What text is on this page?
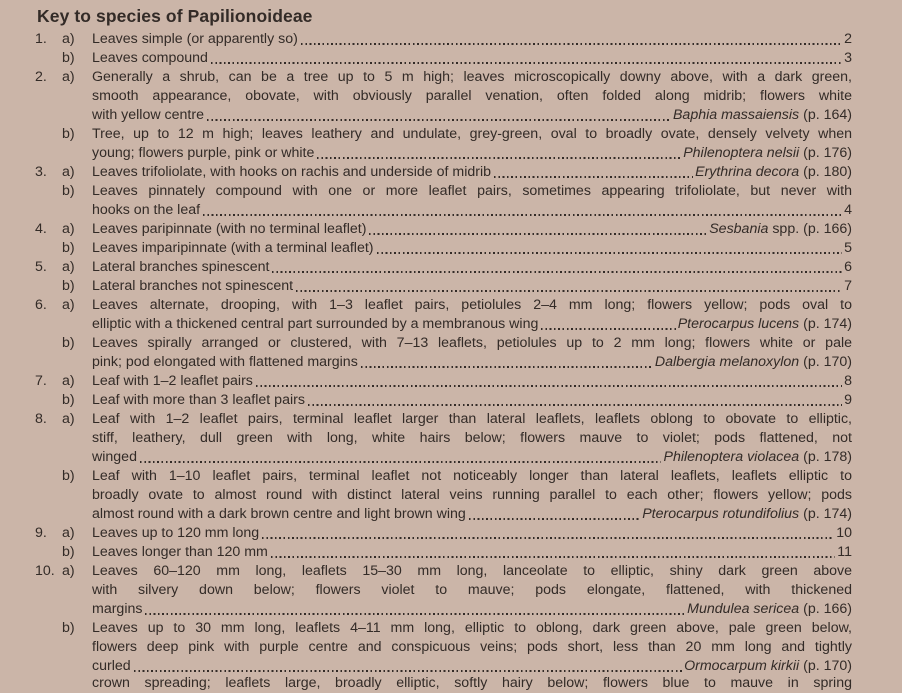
Key to species of Papilionoideae
1.	a)	Leaves simple (or apparently so)	2
b)	Leaves compound	3
2.	a)	Generally a shrub, can be a tree up to 5 m high; leaves microscopically downy above, with a dark green,
smooth appearance, obovate, with obviously parallel venation, often folded along midrib; flowers white
with yellow centre	Baphia massaiensis (p. 164)
b)	Tree, up to 12 m high; leaves leathery and undulate, grey-green, oval to broadly ovate, densely velvety when
young; flowers purple, pink or white	Philenoptera nelsii (p. 176)
3.	a)	Leaves trifoliolate, with hooks on rachis and underside of midrib	Erythrina decora (p. 180)
b)	Leaves pinnately compound with one or more leaflet pairs, sometimes appearing trifoliolate, but never with
hooks on the leaf	4
4.	a)	Leaves paripinnate (with no terminal leaflet)	Sesbania spp. (p. 166)
b)	Leaves imparipinnate (with a terminal leaflet)	5
5.	a)	Lateral branches spinescent	6
b)	Lateral branches not spinescent	7
6.	a)	Leaves alternate, drooping, with 1–3 leaflet pairs, petiolules 2–4 mm long; flowers yellow; pods oval to
elliptic with a thickened central part surrounded by a membranous wing	Pterocarpus lucens (p. 174)
b)	Leaves spirally arranged or clustered, with 7–13 leaflets, petiolules up to 2 mm long; flowers white or pale
pink; pod elongated with flattened margins	Dalbergia melanoxylon (p. 170)
7.	a)	Leaf with 1–2 leaflet pairs	8
b)	Leaf with more than 3 leaflet pairs	9
8.	a)	Leaf with 1–2 leaflet pairs, terminal leaflet larger than lateral leaflets, leaflets oblong to obovate to elliptic,
stiff, leathery, dull green with long, white hairs below; flowers mauve to violet; pods flattened, not
winged	Philenoptera violacea (p. 178)
b)	Leaf with 1–10 leaflet pairs, terminal leaflet not noticeably longer than lateral leaflets, leaflets elliptic to
broadly ovate to almost round with distinct lateral veins running parallel to each other; flowers yellow; pods
almost round with a dark brown centre and light brown wing	Pterocarpus rotundifolius (p. 174)
9.	a)	Leaves up to 120 mm long	10
b)	Leaves longer than 120 mm	11
10. a)	Leaves 60–120 mm long, leaflets 15–30 mm long, lanceolate to elliptic, shiny dark green above
with silvery down below; flowers violet to mauve; pods elongate, flattened, with thickened
margins	Mundulea sericea (p. 166)
b)	Leaves up to 30 mm long, leaflets 4–11 mm long, elliptic to oblong, dark green above, pale green below,
flowers deep pink with purple centre and conspicuous veins; pods short, less than 20 mm long and tightly
curled	Ormocarpum kirkii (p. 170)
crown spreading; leaflets large, broadly elliptic, softly hairy below; flowers blue to mauve in spring
